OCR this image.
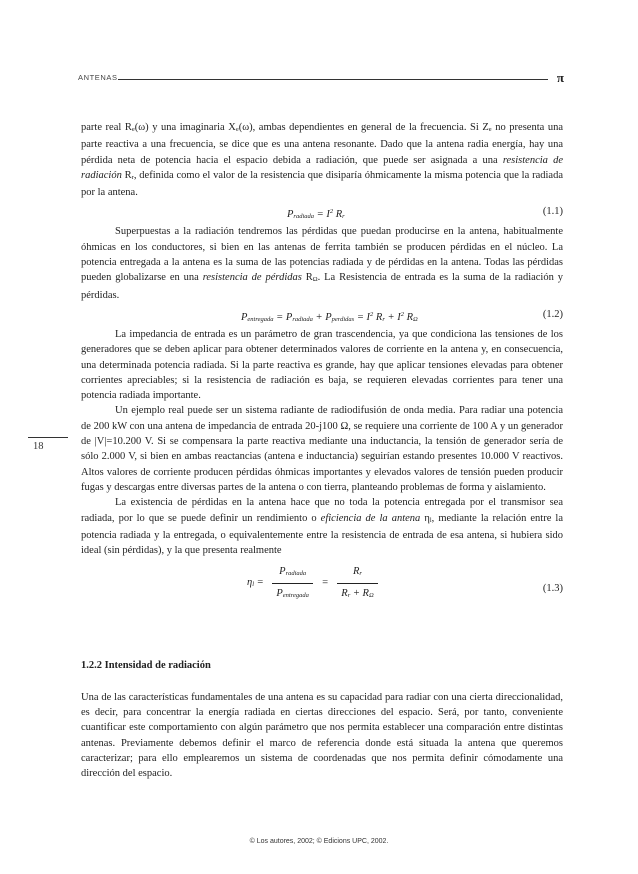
ANTENAS	π
18

parte real $R_e(\omega)$ y una imaginaria $X_e(\omega)$, ambas dependientes en general de la frecuencia. Si $Z_e$ no presenta una parte reactiva a una frecuencia, se dice que es una antena resonante. Dado que la antena radia energía, hay una pérdida neta de potencia hacia el espacio debida a radiación, que puede ser asignada a una resistencia de radiación $R_r$, definida como el valor de la resistencia que disiparía óhmicamente la misma potencia que la radiada por la antena.

$P_{radiada} = I^2$ $R_r$	(1.1)

Superpuestas a la radiación tendremos las pérdidas que puedan producirse en la antena, habitualmente óhmicas en los conductores, si bien en las antenas de ferrita también se producen pérdidas en el núcleo. La potencia entregada a la antena es la suma de las potencias radiada y de pérdidas en la antena. Todas las pérdidas pueden globalizarse en una resistencia de pérdidas $R_\Omega$. La Resistencia de entrada es la suma de la radiación y pérdidas.

$P_{entregada} = P_{radiada} + P_{perdidas} = I^2$ $R_r + I^2$ $R_\Omega$	(1.2)

La impedancia de entrada es un parámetro de gran trascendencia, ya que condiciona las tensiones de los generadores que se deben aplicar para obtener determinados valores de corriente en la antena y, en consecuencia, una determinada potencia radiada. Si la parte reactiva es grande, hay que aplicar tensiones elevadas para obtener corrientes apreciables; si la resistencia de radiación es baja, se requieren elevadas corrientes para tener una potencia radiada importante.

Un ejemplo real puede ser un sistema radiante de radiodifusión de onda media. Para radiar una potencia de 200 kW con una antena de impedancia de entrada 20-j100 Ω, se requiere una corriente de 100 A y un generador de |V|=10.200 V. Si se compensara la parte reactiva mediante una inductancia, la tensión de generador sería de sólo 2.000 V, si bien en ambas reactancias (antena e inductancia) seguirían estando presentes 10.000 V reactivos. Altos valores de corriente producen pérdidas óhmicas importantes y elevados valores de tensión pueden producir fugas y descargas entre diversas partes de la antena o con tierra, planteando problemas de forma y aislamiento.

La existencia de pérdidas en la antena hace que no toda la potencia entregada por el transmisor sea radiada, por lo que se puede definir un rendimiento o eficiencia de la antena $\eta_l$, mediante la relación entre la potencia radiada y la entregada, o equivalentemente entre la resistencia de entrada de esa antena, si hubiera sido ideal (sin pérdidas), y la que presenta realmente

$\eta_l = \frac{P_{radiada}}{P_{entregada}} = \frac{R_r}{R_r + R_\Omega}$	(1.3)
1.2.2 Intensidad de radiación

Una de las características fundamentales de una antena es su capacidad para radiar con una cierta direccionalidad, es decir, para concentrar la energía radiada en ciertas direcciones del espacio. Será, por tanto, conveniente cuantificar este comportamiento con algún parámetro que nos permita establecer una comparación entre distintas antenas. Previamente debemos definir el marco de referencia donde está situada la antena que queremos caracterizar; para ello emplearemos un sistema de coordenadas que nos permita definir cómodamente una dirección del espacio.

© Los autores, 2002; © Edicions UPC, 2002.
